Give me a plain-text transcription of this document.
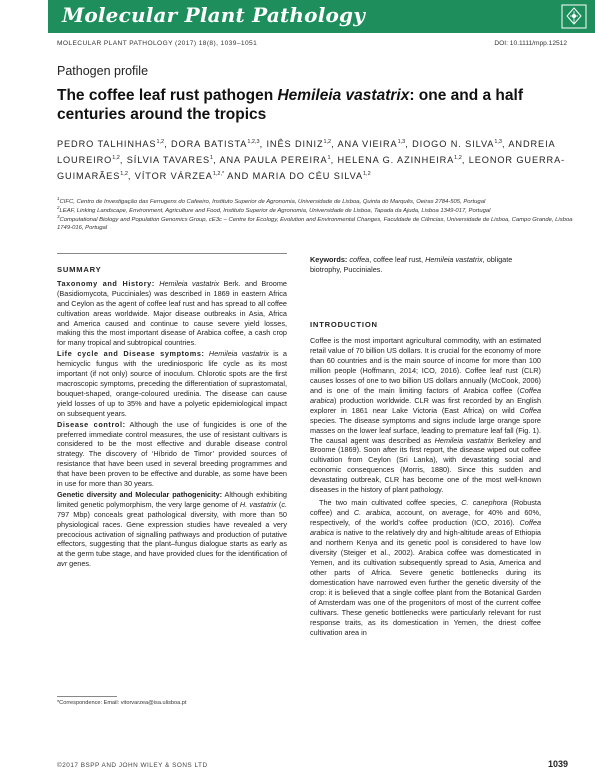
Molecular Plant Pathology
MOLECULAR PLANT PATHOLOGY (2017) 18(8), 1039–1051	DOI: 10.1111/mpp.12512
Pathogen profile
The coffee leaf rust pathogen Hemileia vastatrix: one and a half centuries around the tropics
PEDRO TALHINHAS$^{1,2}$, DORA BATISTA$^{1,2,3}$, INÊS DINIZ$^{1,2}$, ANA VIEIRA$^{1,3}$, DIOGO N. SILVA$^{1,3}$, ANDREIA LOUREIRO$^{1,2}$, SÍLVIA TAVARES$^1$, ANA PAULA PEREIRA$^1$, HELENA G. AZINHEIRA$^{1,2}$, LEONOR GUERRA-GUIMARÃES$^{1,2}$, VÍTOR $VÁRZEA^{1,2,*}$ AND MARIA DO CÉU SILVA$^{1,2}$
$^1$CIFC, Centro de Investigação das Ferrugens do Cafeeiro, Instituto Superior de Agronomia, Universidade de Lisboa, Quinta do Marquês, Oeiras 2784-505, Portugal
$^2$LEAF, Linking Landscape, Environment, Agriculture and Food, Instituto Superior de Agronomia, Universidade de Lisboa, Tapada da Ajuda, Lisboa 1349-017, Portugal
$^3$Computational Biology and Population Genomics Group, cE3c – Centre for Ecology, Evolution and Environmental Changes, Faculdade de Ciências, Universidade de Lisboa, Campo Grande, Lisboa 1749-016, Portugal
SUMMARY

Taxonomy and History: Hemileia vastatrix Berk. and Broome (Basidiomycota, Pucciniales) was described in 1869 in eastern Africa and Ceylon as the agent of coffee leaf rust and has spread to all coffee cultivation areas worldwide. Major disease outbreaks in Asia, Africa and America caused and continue to cause severe yield losses, making this the most important disease of Arabica coffee, a cash crop for many tropical and subtropical countries.

Life cycle and Disease symptoms: Hemileia vastatrix is a hemicyclic fungus with the urediniosporic life cycle as its most important (if not only) source of inoculum. Chlorotic spots are the first macroscopic symptoms, preceding the differentiation of suprastomatal, bouquet-shaped, orange-coloured uredinia. The disease can cause yield losses of up to 35% and have a polyetic epidemiological impact on subsequent years.

Disease control: Although the use of fungicides is one of the preferred immediate control measures, the use of resistant cultivars is considered to be the most effective and durable disease control strategy. The discovery of ‘Híbrido de Timor’ provided sources of resistance that have been used in several breeding programmes and that have been proven to be effective and durable, as some have been in use for more than 30 years.

Genetic diversity and Molecular pathogenicity: Although exhibiting limited genetic polymorphism, the very large genome of H. vastatrix (c. 797 Mbp) conceals great pathological diversity, with more than 50 physiological races. Gene expression studies have revealed a very precocious activation of signalling pathways and production of putative effectors, suggesting that the plant–fungus dialogue starts as early as at the germ tube stage, and have provided clues for the identification of avr genes.

*Correspondence: Email: vitorvarzea@isa.ulisboa.pt
Keywords: coffea, coffee leaf rust, Hemileia vastatrix, obligate biotrophy, Pucciniales.
INTRODUCTION

Coffee is the most important agricultural commodity, with an estimated retail value of 70 billion US dollars. It is crucial for the economy of more than 60 countries and is the main source of income for more than 100 million people (Hoffmann, 2014; ICO, 2016). Coffee leaf rust (CLR) causes losses of one to two billion US dollars annually (McCook, 2006) and is one of the main limiting factors of Arabica coffee (Coffea arabica) production worldwide. CLR was first recorded by an English explorer in 1861 near Lake Victoria (East Africa) on wild Coffea species. The disease symptoms and signs include large orange spore masses on the lower leaf surface, leading to premature leaf fall (Fig. 1). The causal agent was described as Hemileia vastatrix Berkeley and Broome (1869). Soon after its first report, the disease wiped out coffee cultivation from Ceylon (Sri Lanka), with devastating social and economic consequences (Morris, 1880). Since this sudden and devastating outbreak, CLR has become one of the most well-known diseases in the history of plant pathology.

The two main cultivated coffee species, C. canephora (Robusta coffee) and C. arabica, account, on average, for 40% and 60%, respectively, of the world’s coffee production (ICO, 2016). Coffea arabica is native to the relatively dry and high-altitude areas of Ethiopia and northern Kenya and its genetic pool is considered to have low diversity (Steiger et al., 2002). Arabica coffee was domesticated in Yemen, and its cultivation subsequently spread to Asia, America and other parts of Africa. Severe genetic bottlenecks during its domestication have narrowed even further the genetic diversity of the crop: it is believed that a single coffee plant from the Botanical Garden of Amsterdam was one of the progenitors of most of the current coffee cultivars. These genetic bottlenecks were particularly relevant for rust response traits, as its domestication in Yemen, the driest coffee cultivation area in

©2017 BSPP AND JOHN WILEY & SONS LTD	1039
